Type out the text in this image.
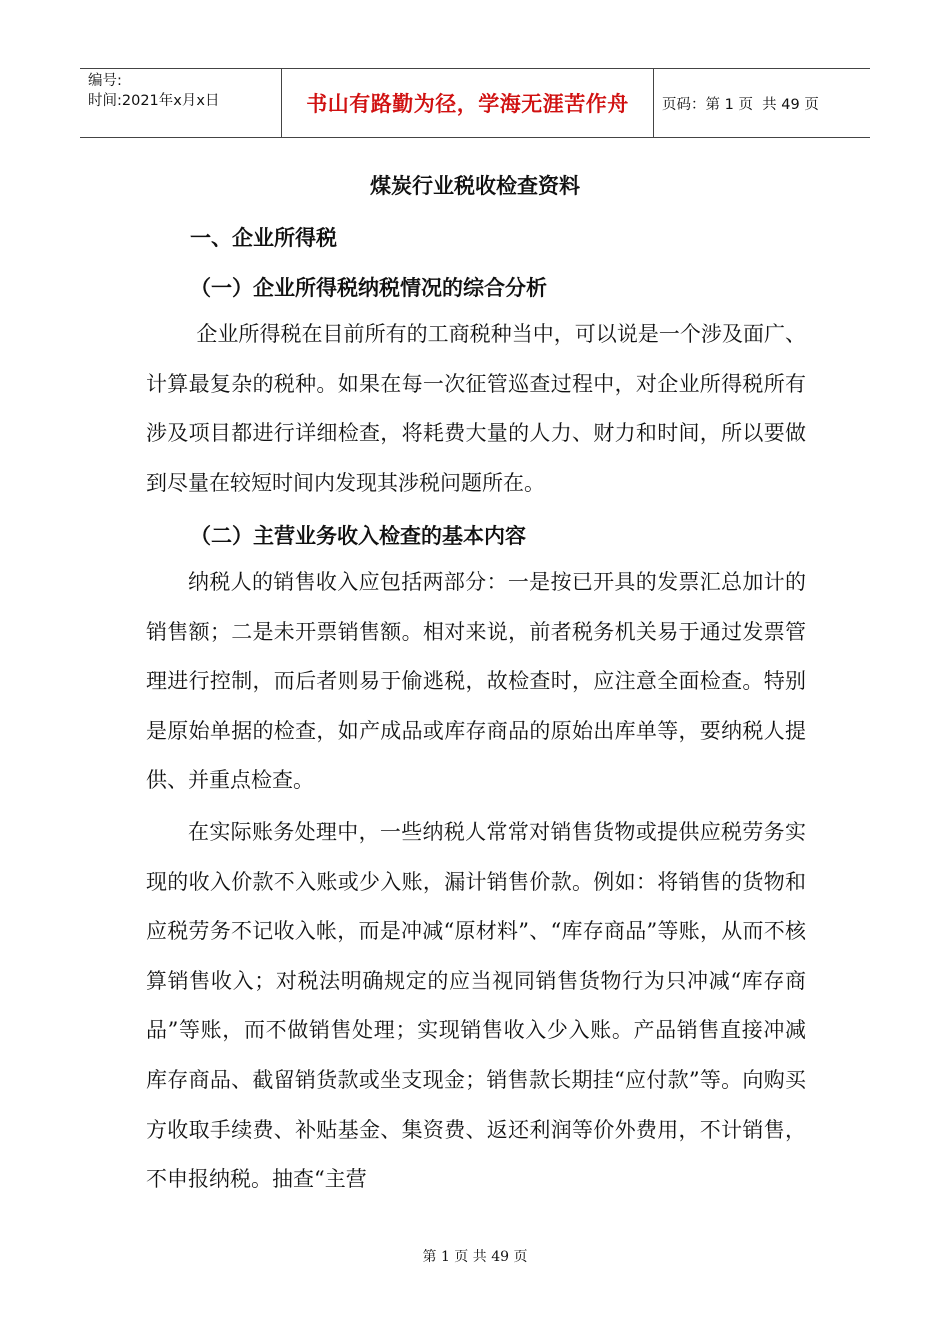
编号:
时间:2021年x月x日	书山有路勤为径，学海无涯苦作舟	页码：第 1 页  共 49 页
煤炭行业税收检查资料
一、企业所得税
（一）企业所得税纳税情况的综合分析

企业所得税在目前所有的工商税种当中，可以说是一个涉及面广、计算最复杂的税种。如果在每一次征管巡查过程中，对企业所得税所有涉及项目都进行详细检查，将耗费大量的人力、财力和时间，所以要做到尽量在较短时间内发现其涉税问题所在。

（二）主营业务收入检查的基本内容

纳税人的销售收入应包括两部分：一是按已开具的发票汇总加计的销售额；二是未开票销售额。相对来说，前者税务机关易于通过发票管理进行控制，而后者则易于偷逃税，故检查时，应注意全面检查。特别是原始单据的检查，如产成品或库存商品的原始出库单等，要纳税人提供、并重点检查。

在实际账务处理中，一些纳税人常常对销售货物或提供应税劳务实现的收入价款不入账或少入账，漏计销售价款。例如：将销售的货物和应税劳务不记收入帐，而是冲减“原材料”、“库存商品”等账，从而不核算销售收入；对税法明确规定的应当视同销售货物行为只冲减“库存商品”等账，而不做销售处理；实现销售收入少入账。产品销售直接冲减库存商品、截留销货款或坐支现金；销售款长期挂“应付款”等。向购买方收取手续费、补贴基金、集资费、返还利润等价外费用，不计销售，不申报纳税。抽查“主营

第 1 页 共 49 页
